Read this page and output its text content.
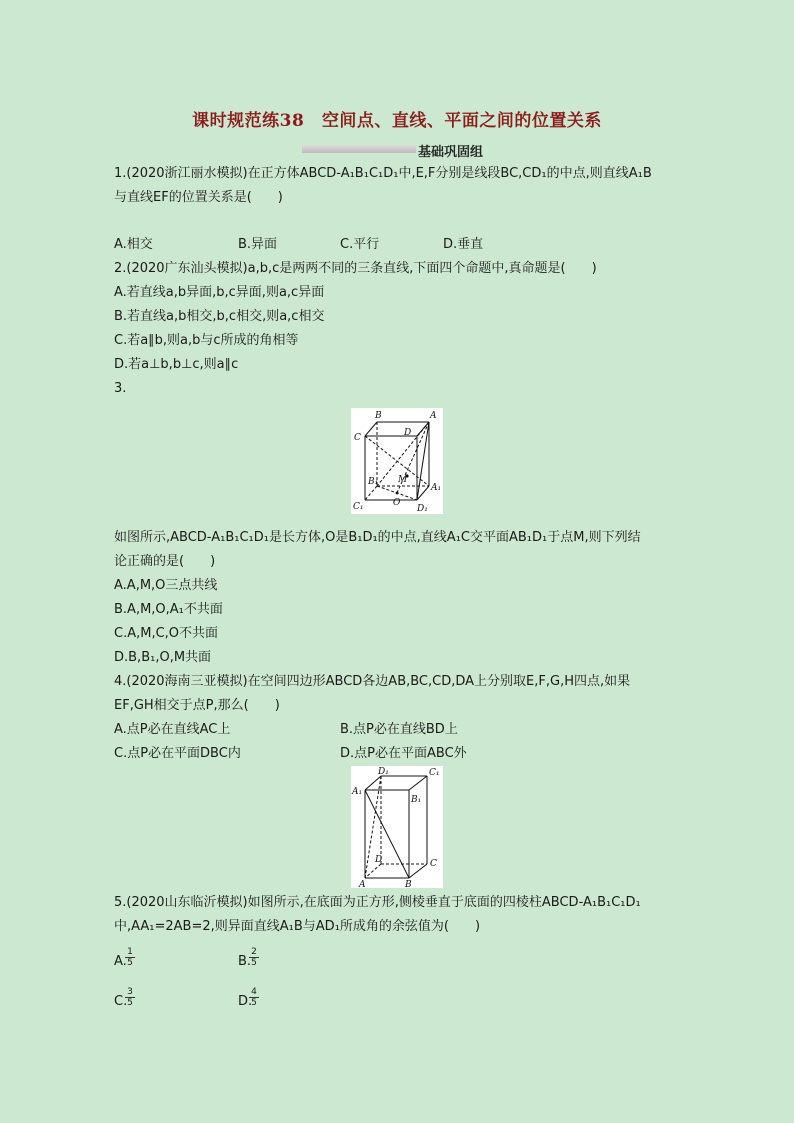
课时规范练38　空间点、直线、平面之间的位置关系
基础巩固组
1.(2020浙江丽水模拟)在正方体ABCD-A₁B₁C₁D₁中,E,F分别是线段BC,CD₁的中点,则直线A₁B
与直线EF的位置关系是(　　)
A.相交	B.异面	C.平行	D.垂直
2.(2020广东汕头模拟)a,b,c是两两不同的三条直线,下面四个命题中,真命题是(　　)
A.若直线a,b异面,b,c异面,则a,c异面
B.若直线a,b相交,b,c相交,则a,c相交
C.若a∥b,则a,b与c所成的角相等
D.若a⊥b,b⊥c,则a∥c
3.
B	A
C	D
M
B₁
A₁
C₁	O
D₁
如图所示,ABCD-A₁B₁C₁D₁是长方体,O是B₁D₁的中点,直线A₁C交平面AB₁D₁于点M,则下列结
论正确的是(　　)
A.A,M,O三点共线
B.A,M,O,A₁不共面
C.A,M,C,O不共面
D.B,B₁,O,M共面
4.(2020海南三亚模拟)在空间四边形ABCD各边AB,BC,CD,DA上分别取E,F,G,H四点,如果
EF,GH相交于点P,那么(　　)
A.点P必在直线AC上	B.点P必在直线BD上
C.点P必在平面DBC内	D.点P必在平面ABC外
D₁	C₁
A₁
B₁
D	C
A	B
5.(2020山东临沂模拟)如图所示,在底面为正方形,侧棱垂直于底面的四棱柱ABCD-A₁B₁C₁D₁
中,AA₁=2AB=2,则异面直线A₁B与AD₁所成角的余弦值为(　　)
A.
$\frac{1}{5}$	B.
$\frac{2}{5}$
C.
$\frac{3}{5}$	D.
$\frac{4}{5}$
